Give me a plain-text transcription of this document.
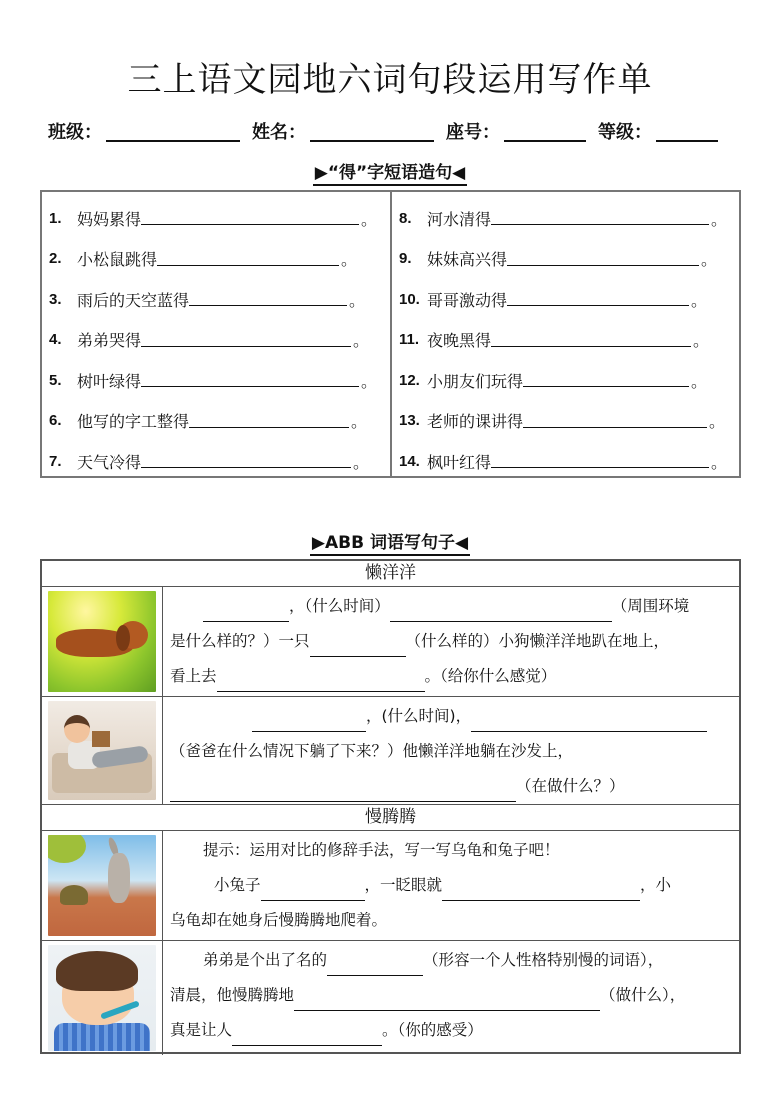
三上语文园地六词句段运用写作单
班级：	姓名：	座号：	等级：
▶“得”字短语造句◀
1. 妈妈累得	。
2. 小松鼠跳得	。
3. 雨后的天空蓝得	。
4. 弟弟哭得	。
5. 树叶绿得	。
6. 他写的字工整得	。
7. 天气冷得	。
8. 河水清得	。
9. 妹妹高兴得	。
10. 哥哥激动得	。
11. 夜晚黑得	。
12. 小朋友们玩得	。
13. 老师的课讲得	。
14. 枫叶红得	。
▶ABB 词语写句子◀
懒洋洋

，（什么时间）	（周围环境

是什么样的？）一只	（什么样的）小狗懒洋洋地趴在地上，

看上去	。（给你什么感觉）

，(什么时间)，

（爸爸在什么情况下躺了下来？）他懒洋洋地躺在沙发上，

（在做什么？）

慢腾腾

提示：运用对比的修辞手法，写一写乌龟和兔子吧！

小兔子	，一眨眼就	，小

乌龟却在她身后慢腾腾地爬着。

弟弟是个出了名的	（形容一个人性格特别慢的词语），

清晨，他慢腾腾地	（做什么），

真是让人	。（你的感受）
